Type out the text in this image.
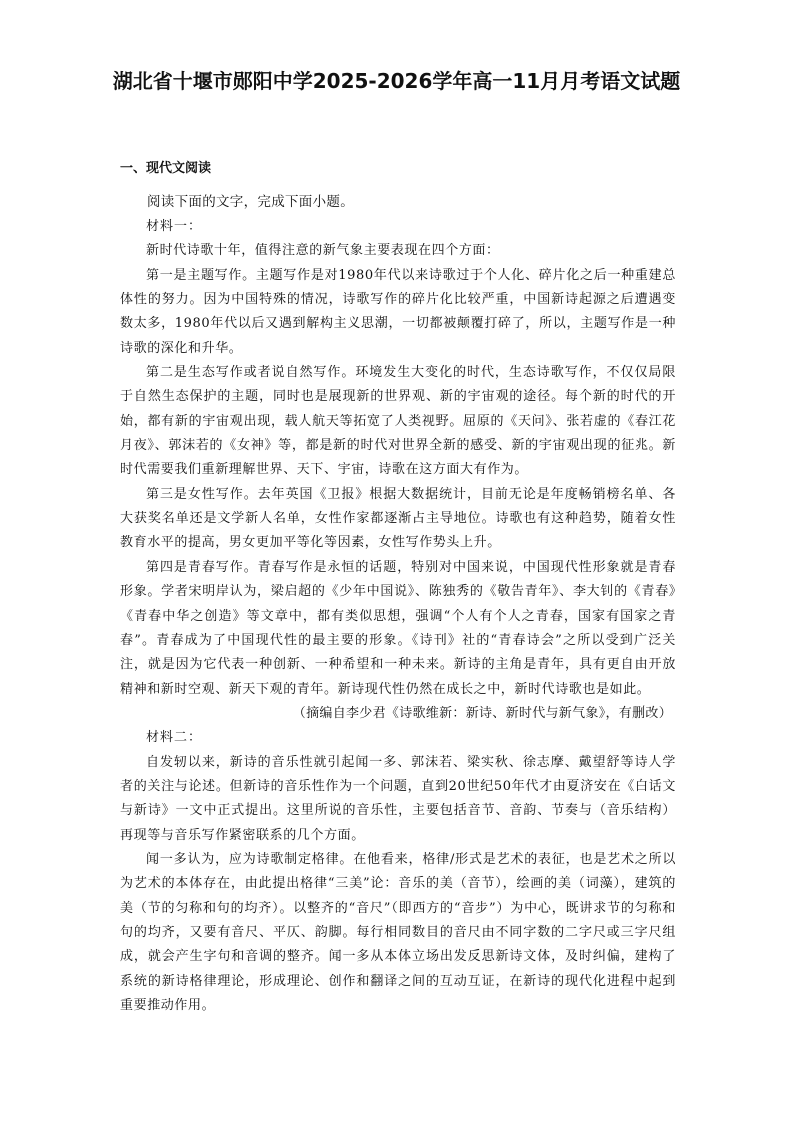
湖北省十堰市郧阳中学2025-2026学年高一11月月考语文试题
一、现代文阅读

阅读下面的文字，完成下面小题。

材料一：

新时代诗歌十年，值得注意的新气象主要表现在四个方面：

第一是主题写作。主题写作是对1980年代以来诗歌过于个人化、碎片化之后一种重建总体性的努力。因为中国特殊的情况，诗歌写作的碎片化比较严重，中国新诗起源之后遭遇变数太多，1980年代以后又遇到解构主义思潮，一切都被颠覆打碎了，所以，主题写作是一种诗歌的深化和升华。

第二是生态写作或者说自然写作。环境发生大变化的时代，生态诗歌写作，不仅仅局限于自然生态保护的主题，同时也是展现新的世界观、新的宇宙观的途径。每个新的时代的开始，都有新的宇宙观出现，载人航天等拓宽了人类视野。屈原的《天问》、张若虚的《春江花月夜》、郭沫若的《女神》等，都是新的时代对世界全新的感受、新的宇宙观出现的征兆。新时代需要我们重新理解世界、天下、宇宙，诗歌在这方面大有作为。

第三是女性写作。去年英国《卫报》根据大数据统计，目前无论是年度畅销榜名单、各大获奖名单还是文学新人名单，女性作家都逐渐占主导地位。诗歌也有这种趋势，随着女性教育水平的提高，男女更加平等化等因素，女性写作势头上升。

第四是青春写作。青春写作是永恒的话题，特别对中国来说，中国现代性形象就是青春形象。学者宋明岸认为，梁启超的《少年中国说》、陈独秀的《敬告青年》、李大钊的《青春》《青春中华之创造》等文章中，都有类似思想，强调“个人有个人之青春，国家有国家之青春”。青春成为了中国现代性的最主要的形象。《诗刊》社的“青春诗会”之所以受到广泛关注，就是因为它代表一种创新、一种希望和一种未来。新诗的主角是青年，具有更自由开放精神和新时空观、新天下观的青年。新诗现代性仍然在成长之中，新时代诗歌也是如此。

（摘编自李少君《诗歌维新：新诗、新时代与新气象》，有删改）

材料二：

自发轫以来，新诗的音乐性就引起闻一多、郭沫若、梁实秋、徐志摩、戴望舒等诗人学者的关注与论述。但新诗的音乐性作为一个问题，直到20世纪50年代才由夏济安在《白话文与新诗》一文中正式提出。这里所说的音乐性，主要包括音节、音韵、节奏与（音乐结构）再现等与音乐写作紧密联系的几个方面。

闻一多认为，应为诗歌制定格律。在他看来，格律/形式是艺术的表征，也是艺术之所以为艺术的本体存在，由此提出格律“三美”论：音乐的美（音节），绘画的美（词藻），建筑的美（节的匀称和句的均齐）。以整齐的“音尺”（即西方的“音步”）为中心，既讲求节的匀称和句的均齐，又要有音尺、平仄、韵脚。每行相同数目的音尺由不同字数的二字尺或三字尺组成，就会产生字句和音调的整齐。闻一多从本体立场出发反思新诗文体，及时纠偏，建构了系统的新诗格律理论，形成理论、创作和翻译之间的互动互证，在新诗的现代化进程中起到重要推动作用。
